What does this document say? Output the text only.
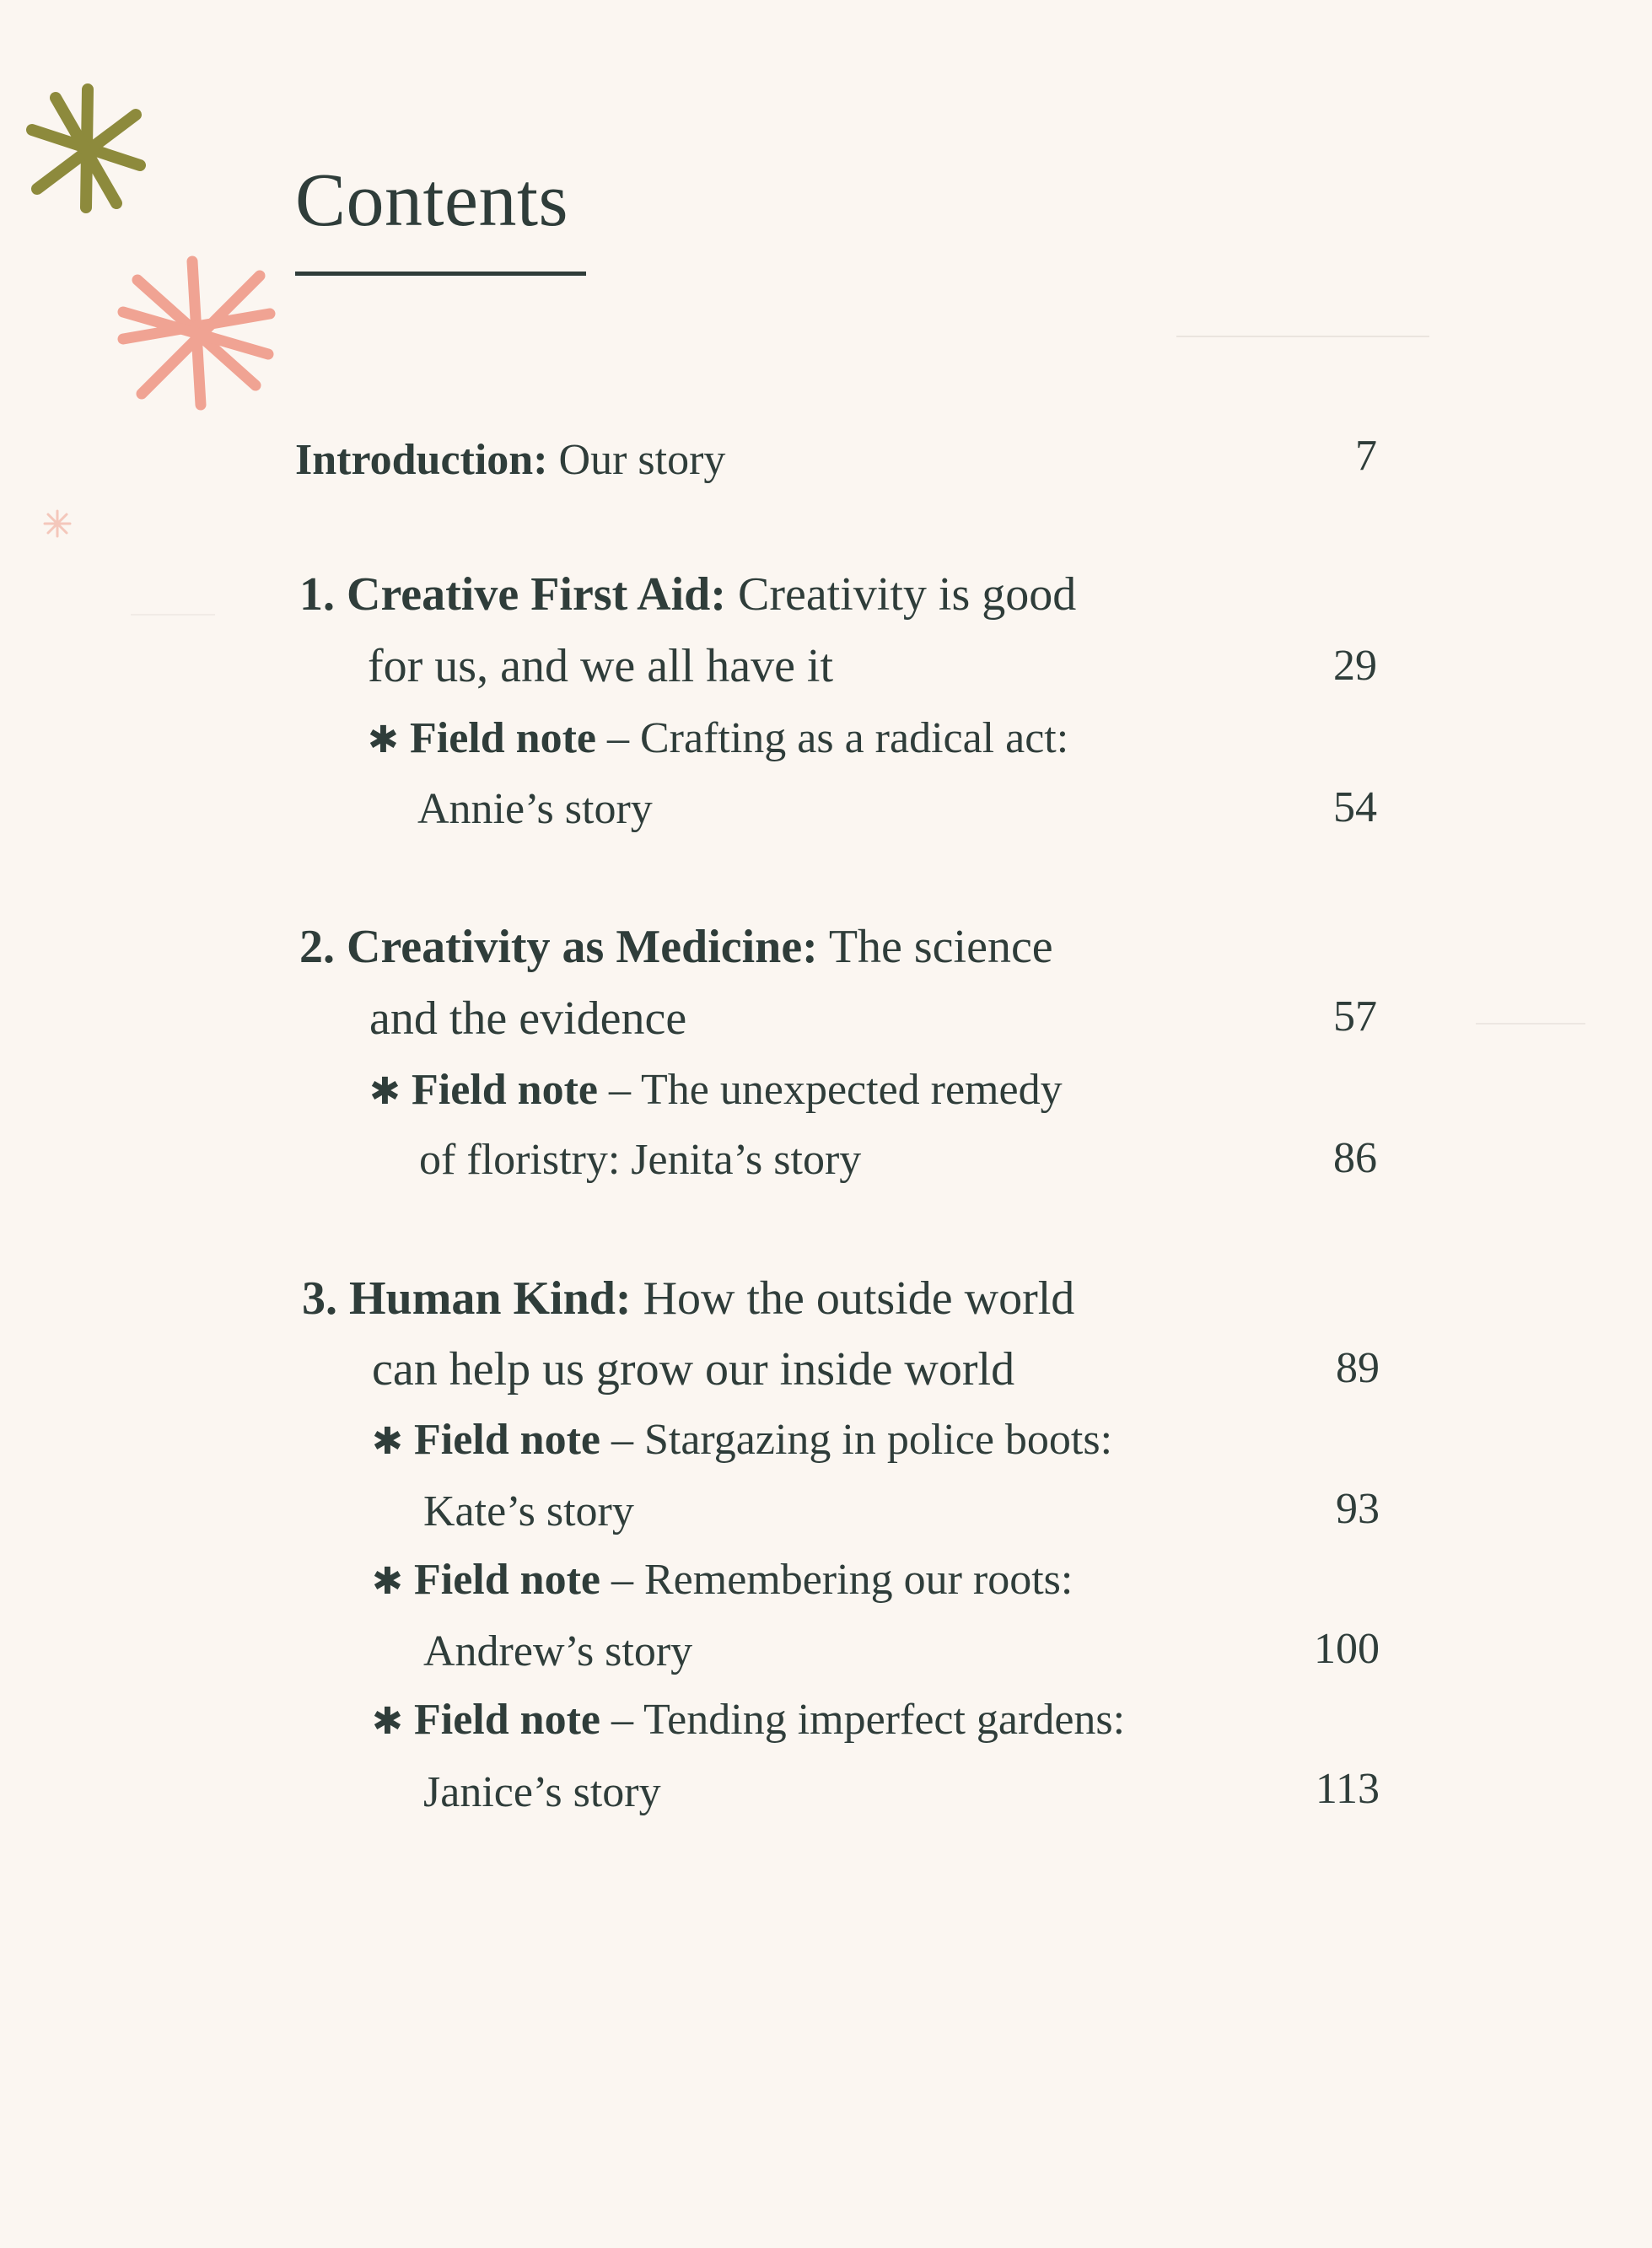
Contents
Introduction: Our story	7
1. Creative First Aid: Creativity is good
for us, and we all have it	29
✱ Field note – Crafting as a radical act:
Annie’s story	54
2. Creativity as Medicine: The science
and the evidence	57
✱ Field note – The unexpected remedy
of floristry: Jenita’s story	86
3. Human Kind: How the outside world
can help us grow our inside world	89
✱ Field note – Stargazing in police boots:
Kate’s story	93
✱ Field note – Remembering our roots:
Andrew’s story	100
✱ Field note – Tending imperfect gardens:
Janice’s story	113
